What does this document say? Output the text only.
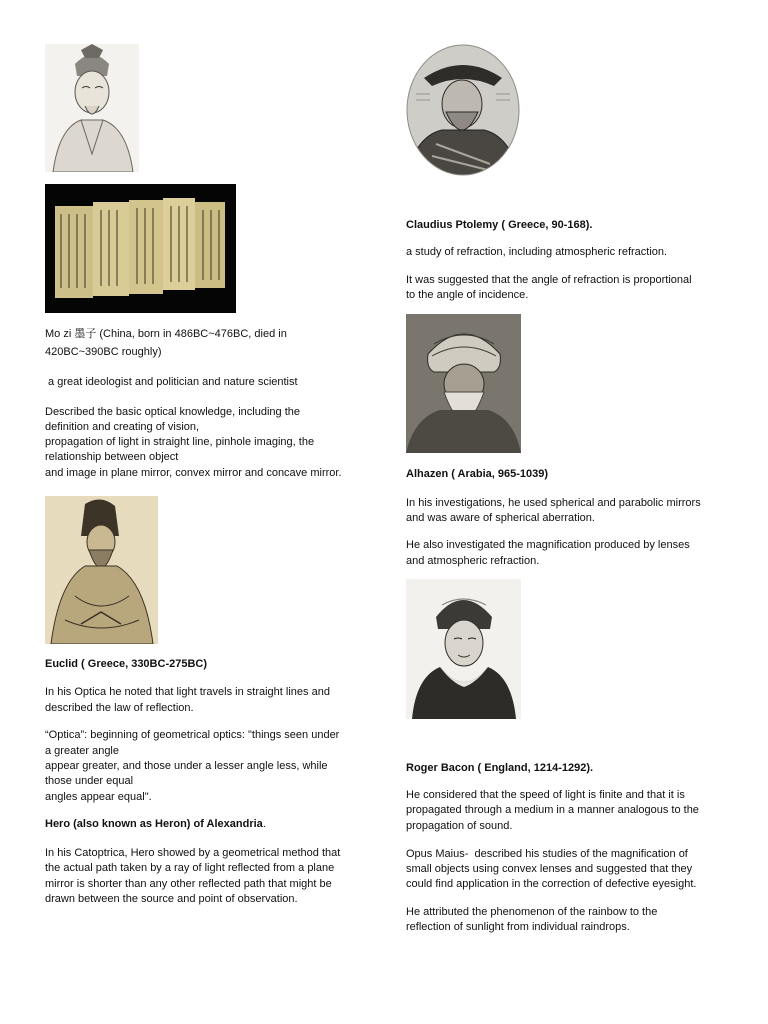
Mo zi 墨子 (China, born in 486BC~476BC, died in

420BC~390BC roughly)

a great ideologist and politician and nature scientist

Described the basic optical knowledge, including the

definition and creating of vision,

propagation of light in straight line, pinhole imaging, the

relationship between object

and image in plane mirror, convex mirror and concave mirror.

Euclid ( Greece, 330BC-275BC)

In his Optica he noted that light travels in straight lines and

described the law of reflection.

“Optica”: beginning of geometrical optics: "things seen under

a greater angle

appear greater, and those under a lesser angle less, while

those under equal

angles appear equal".

Hero (also known as Heron) of Alexandria.

In his Catoptrica, Hero showed by a geometrical method that

the actual path taken by a ray of light reflected from a plane

mirror is shorter than any other reflected path that might be

drawn between the source and point of observation.

Claudius Ptolemy ( Greece, 90-168).

a study of refraction, including atmospheric refraction.

It was suggested that the angle of refraction is proportional

to the angle of incidence.

Alhazen ( Arabia, 965-1039)

In his investigations, he used spherical and parabolic mirrors

and was aware of spherical aberration.

He also investigated the magnification produced by lenses

and atmospheric refraction.

Roger Bacon ( England, 1214-1292).

He considered that the speed of light is finite and that it is

propagated through a medium in a manner analogous to the

propagation of sound.

Opus Maius-  described his studies of the magnification of

small objects using convex lenses and suggested that they

could find application in the correction of defective eyesight.

He attributed the phenomenon of the rainbow to the

reflection of sunlight from individual raindrops.
